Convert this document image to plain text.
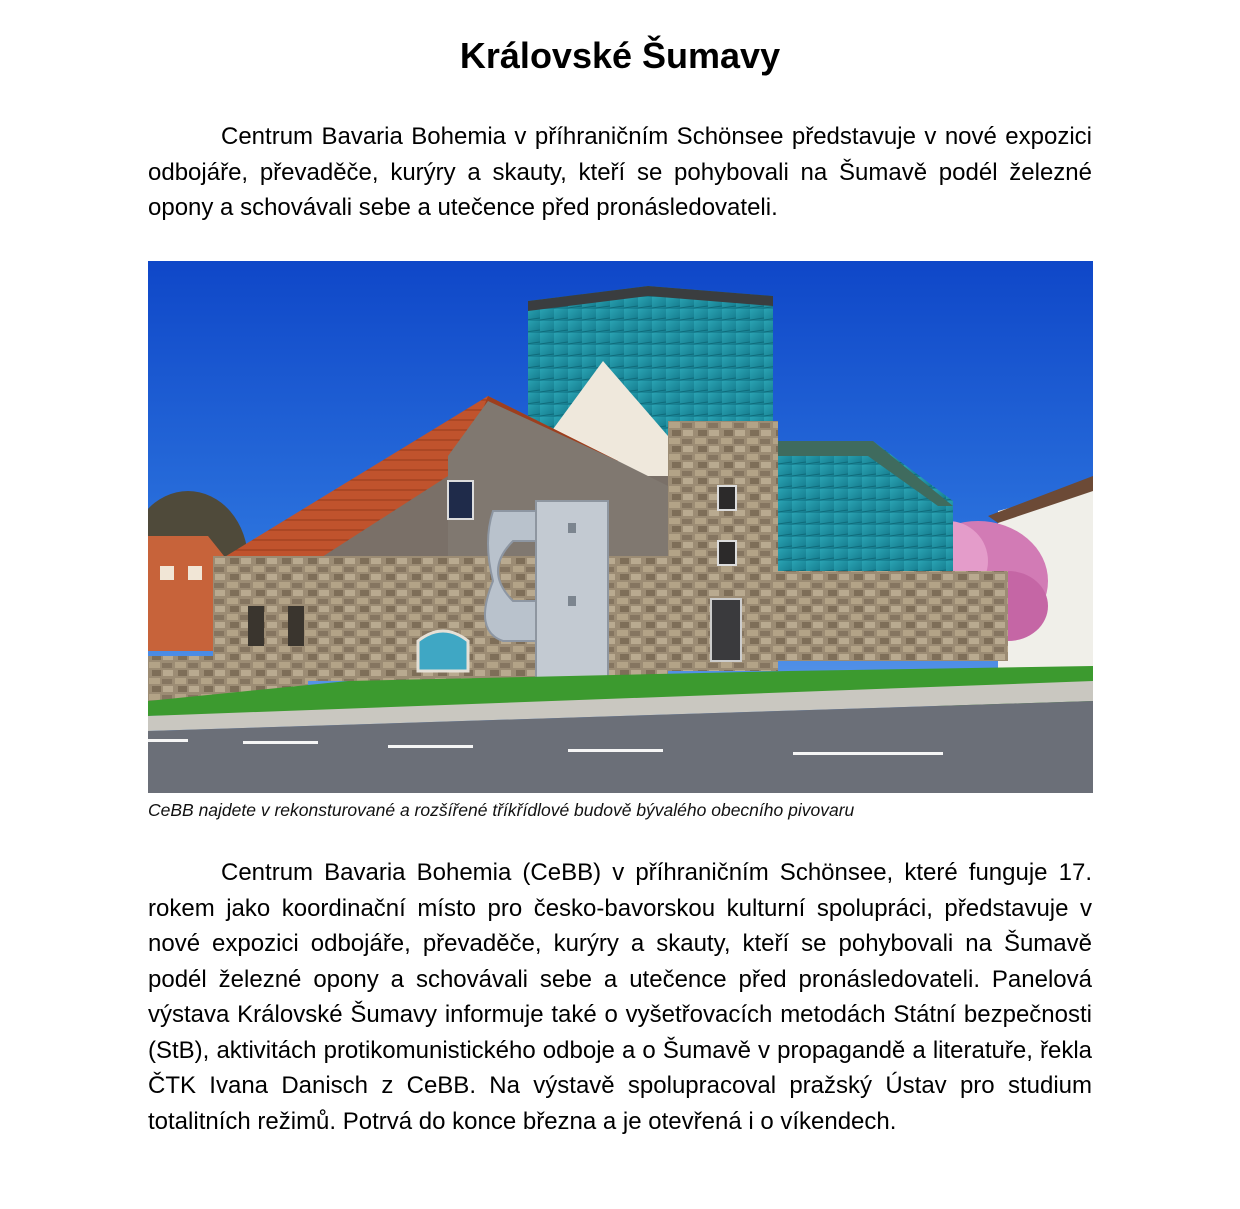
Královské Šumavy

Centrum Bavaria Bohemia v příhraničním Schönsee představuje v nové expozici odbojáře, převaděče, kurýry a skauty, kteří se pohybovali na Šumavě podél železné opony a schovávali sebe a utečence před pronásledovateli.

CeBB najdete v rekonsturované a rozšířené tříkřídlové budově bývalého obecního pivovaru

Centrum Bavaria Bohemia (CeBB) v příhraničním Schönsee, které funguje 17. rokem jako koordinační místo pro česko-bavorskou kulturní spolupráci, představuje v nové expozici odbojáře, převaděče, kurýry a skauty, kteří se pohybovali na Šumavě podél železné opony a schovávali sebe a utečence před pronásledovateli. Panelová výstava Královské Šumavy informuje také o vyšetřovacích metodách Státní bezpečnosti (StB), aktivitách protikomunistického odboje a o Šumavě v propagandě a literatuře, řekla ČTK Ivana Danisch z CeBB. Na výstavě spolupracoval pražský Ústav pro studium totalitních režimů. Potrvá do konce března a je otevřená i o víkendech.
